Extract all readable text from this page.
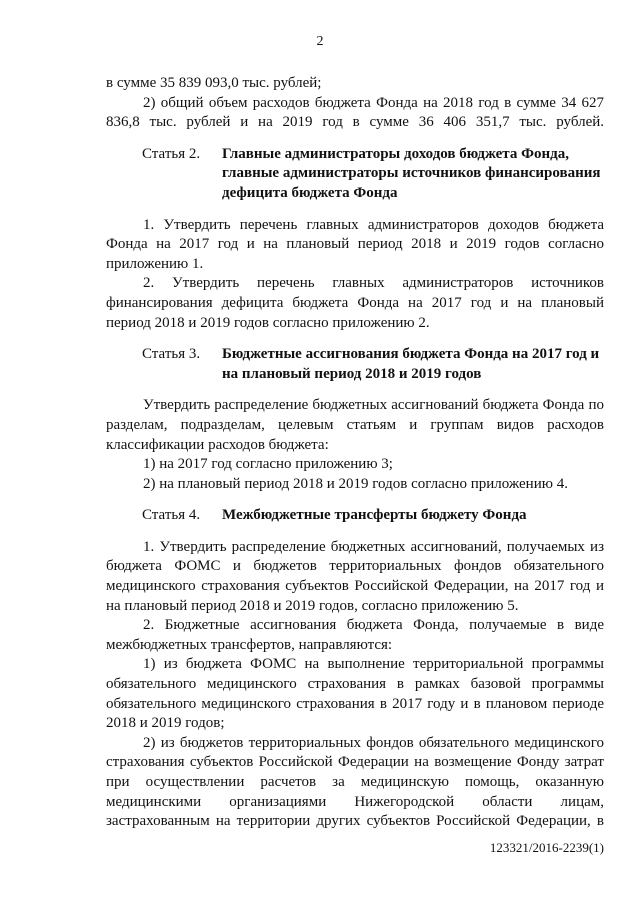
2

в сумме 35 839 093,0 тыс. рублей;

2) общий объем расходов бюджета Фонда на 2018 год в сумме 34 627 836,8 тыс. рублей и на 2019 год в сумме 36 406 351,7 тыс. рублей.

Статья 2.	Главные администраторы доходов бюджета Фонда, главные администраторы источников финансирования дефицита бюджета Фонда

1. Утвердить перечень главных администраторов доходов бюджета Фонда на 2017 год и на плановый период 2018 и 2019 годов согласно приложению 1.

2. Утвердить перечень главных администраторов источников финансирования дефицита бюджета Фонда на 2017 год и на плановый период 2018 и 2019 годов согласно приложению 2.

Статья 3.	Бюджетные ассигнования бюджета Фонда на 2017 год и на плановый период 2018 и 2019 годов

Утвердить распределение бюджетных ассигнований бюджета Фонда по разделам, подразделам, целевым статьям и группам видов расходов классификации расходов бюджета:

1) на 2017 год согласно приложению 3;

2) на плановый период 2018 и 2019 годов согласно приложению 4.

Статья 4.	Межбюджетные трансферты бюджету Фонда

1. Утвердить распределение бюджетных ассигнований, получаемых из бюджета ФОМС и бюджетов территориальных фондов обязательного медицинского страхования субъектов Российской Федерации, на 2017 год и на плановый период 2018 и 2019 годов, согласно приложению 5.

2. Бюджетные ассигнования бюджета Фонда, получаемые в виде межбюджетных трансфертов, направляются:

1) из бюджета ФОМС на выполнение территориальной программы обязательного медицинского страхования в рамках базовой программы обязательного медицинского страхования в 2017 году и в плановом периоде 2018 и 2019 годов;

2) из бюджетов территориальных фондов обязательного медицинского страхования субъектов Российской Федерации на возмещение Фонду затрат при осуществлении расчетов за медицинскую помощь, оказанную медицинскими организациями Нижегородской области лицам, застрахованным на территории других субъектов Российской Федерации, в

123321/2016-2239(1)
